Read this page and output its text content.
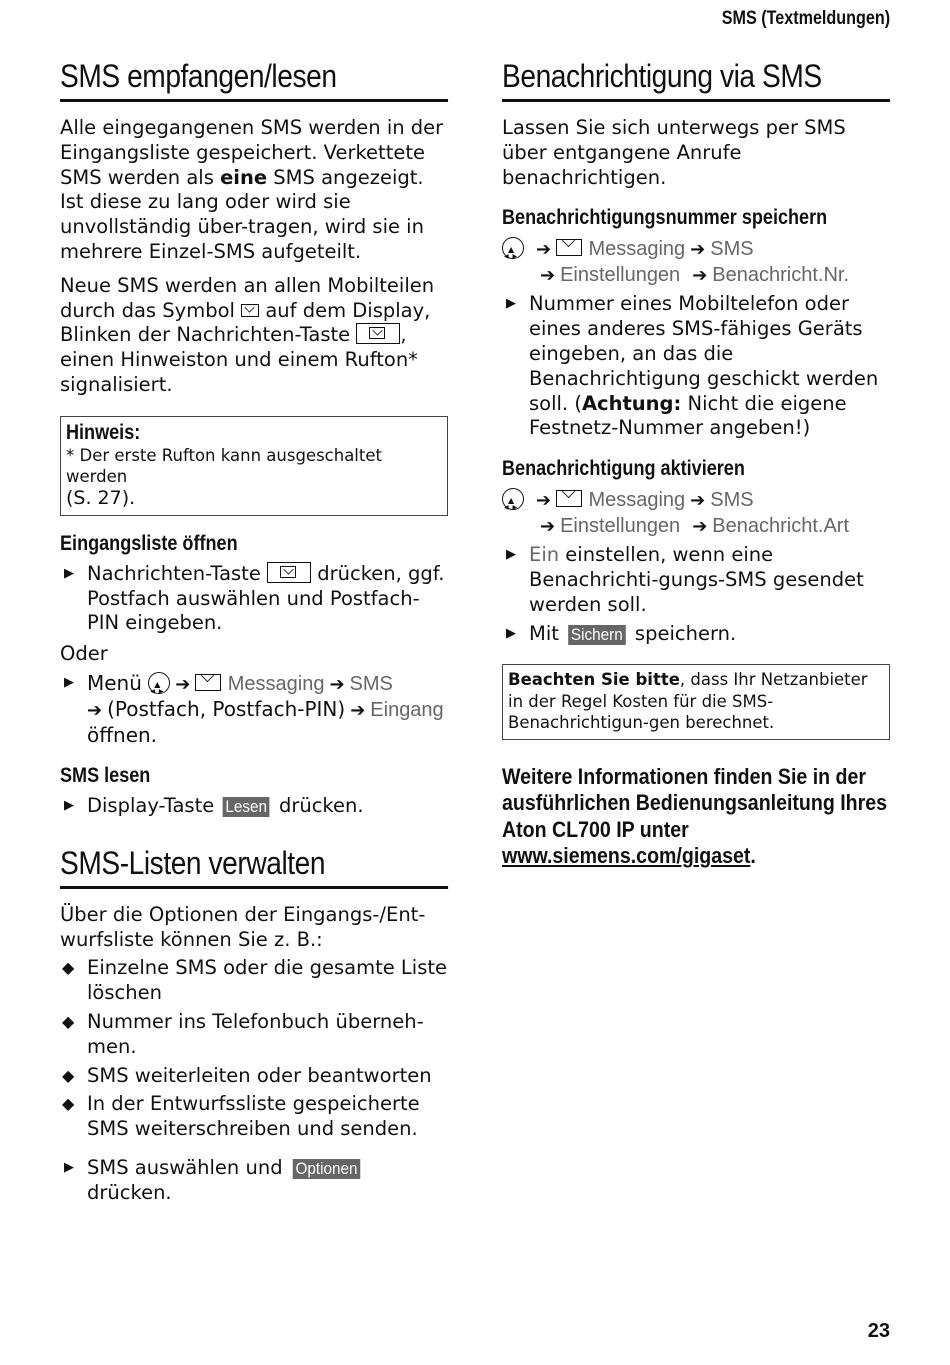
SMS (Textmeldungen)
SMS empfangen/lesen

Alle eingegangenen SMS werden in der Eingangsliste gespeichert. Verkettete SMS werden als eine SMS angezeigt. Ist diese zu lang oder wird sie unvollständig über-tragen, wird sie in mehrere Einzel-SMS aufgeteilt.

Neue SMS werden an allen Mobilteilen durch das Symbol  auf dem Display, Blinken der Nachrichten-Taste
, einen Hinweiston und einem Rufton* signalisiert.

Hinweis:
* Der erste Rufton kann ausgeschaltet werden
(S. 27).
Eingangsliste öffnen
▶ Nachrichten-Taste
drücken, ggf. Postfach auswählen und Postfach-PIN eingeben.

Oder

▶ Menü ▲ ◀ ▶➔ Messaging ➔ SMS
➔ (Postfach, Postfach-PIN) ➔ Eingang
öffnen.
SMS lesen
▶ Display-Taste Lesen drücken.
SMS-Listen verwalten

Über die Optionen der Eingangs-/Ent-wurfsliste können Sie z. B.:

◆ Einzelne SMS oder die gesamte Liste löschen
◆ Nummer ins Telefonbuch überneh-men.
◆ SMS weiterleiten oder beantworten
◆ In der Entwurfssliste gespeicherte SMS weiterschreiben und senden.
▶ SMS auswählen und Optionen drücken.
Benachrichtigung via SMS

Lassen Sie sich unterwegs per SMS über entgangene Anrufe benachrichtigen.

Benachrichtigungsnummer speichern
▲ ◀ ▶➔ Messaging ➔ SMS
➔ Einstellungen ➔ Benachricht.Nr.
▶ Nummer eines Mobiltelefon oder eines anderes SMS-fähiges Geräts eingeben, an das die Benachrichtigung geschickt werden soll. (Achtung: Nicht die eigene Festnetz-Nummer angeben!)
Benachrichtigung aktivieren
▲ ◀ ▶➔ Messaging ➔ SMS
➔ Einstellungen ➔ Benachricht.Art
▶ Ein einstellen, wenn eine Benachrichti-gungs-SMS gesendet werden soll.
▶ Mit Sichern speichern.
Beachten Sie bitte, dass Ihr Netzanbieter in der Regel Kosten für die SMS-Benachrichtigun-gen berechnet.
Weitere Informationen finden Sie in der ausführlichen Bedienungsanleitung Ihres Aton CL700 IP unter www.siemens.com/gigaset.
23
